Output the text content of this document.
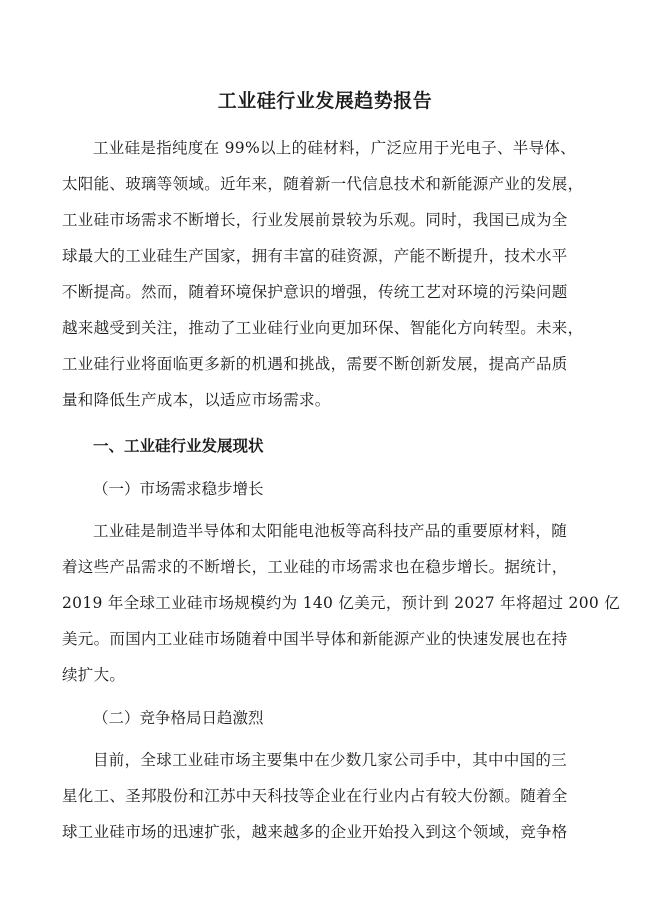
工业硅行业发展趋势报告
工业硅是指纯度在 99%以上的硅材料，广泛应用于光电子、半导体、
太阳能、玻璃等领域。近年来，随着新一代信息技术和新能源产业的发展，
工业硅市场需求不断增长，行业发展前景较为乐观。同时，我国已成为全
球最大的工业硅生产国家，拥有丰富的硅资源，产能不断提升，技术水平
不断提高。然而，随着环境保护意识的增强，传统工艺对环境的污染问题
越来越受到关注，推动了工业硅行业向更加环保、智能化方向转型。未来，
工业硅行业将面临更多新的机遇和挑战，需要不断创新发展，提高产品质
量和降低生产成本，以适应市场需求。
一、工业硅行业发展现状
（一）市场需求稳步增长
工业硅是制造半导体和太阳能电池板等高科技产品的重要原材料，随
着这些产品需求的不断增长，工业硅的市场需求也在稳步增长。据统计，
2019 年全球工业硅市场规模约为 140 亿美元，预计到 2027 年将超过 200 亿
美元。而国内工业硅市场随着中国半导体和新能源产业的快速发展也在持
续扩大。
（二）竞争格局日趋激烈
目前，全球工业硅市场主要集中在少数几家公司手中，其中中国的三
星化工、圣邦股份和江苏中天科技等企业在行业内占有较大份额。随着全
球工业硅市场的迅速扩张，越来越多的企业开始投入到这个领域，竞争格
